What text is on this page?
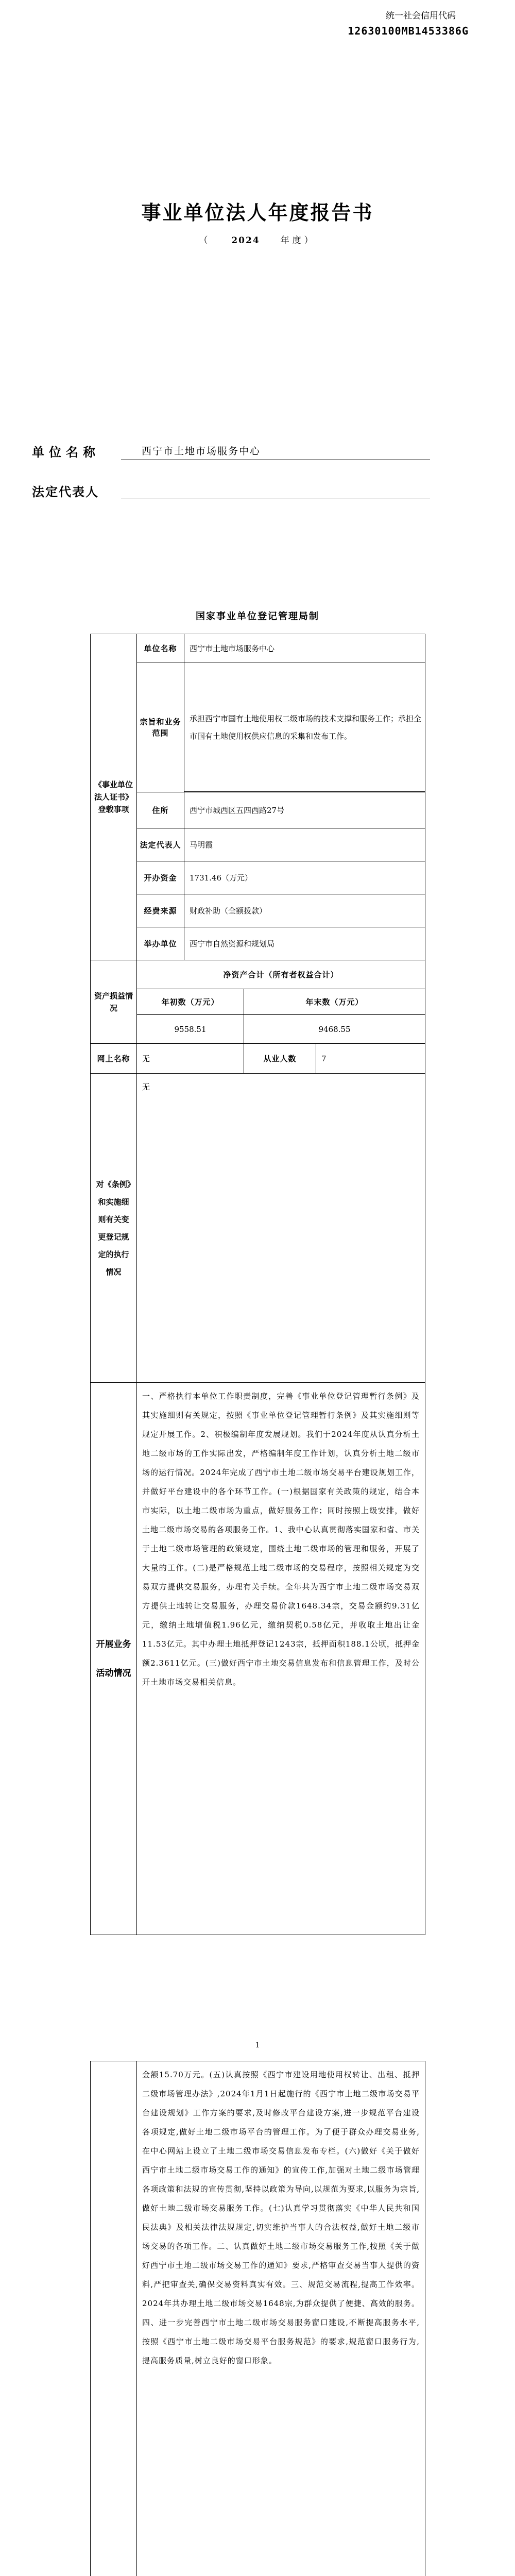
统一社会信用代码
12630100MB1453386G
事业单位法人年度报告书
（ 2024 年度）
单位名称	西宁市土地市场服务中心
法定代表人
国家事业单位登记管理局制
《事业单位法人证书》登载事项	单位名称	西宁市土地市场服务中心		
	宗旨和业务范围	承担西宁市国有土地使用权二级市场的技术支撑和服务工作；承担全市国有土地使用权供应信息的采集和发布工作。		

	住所	西宁市城西区五四西路27号		
	法定代表人	马明霞		
	开办资金	1731.46（万元）		
	经费来源	财政补助（全额拨款）		
	举办单位	西宁市自然资源和规划局		
资产损益情况	净资产合计（所有者权益合计）			
	年初数（万元）		年末数（万元）	
	9558.51		9468.55	
网上名称	无		从业人数	7
对《条例》和实施细则有关变更登记规定的执行情况	无			
开展业务活动情况	一、严格执行本单位工作职责制度，完善《事业单位登记管理暂行条例》及其实施细则有关规定，按照《事业单位登记管理暂行条例》及其实施细则等规定开展工作。2、积极编制年度发展规划。我们于2024年度从认真分析土地二级市场的工作实际出发，严格编制年度工作计划，认真分析土地二级市场的运行情况。2024年完成了西宁市土地二级市场交易平台建设规划工作，并做好平台建设中的各个环节工作。(一)根据国家有关政策的规定，结合本市实际，以土地二级市场为重点，做好服务工作；同时按照上级安排，做好土地二级市场交易的各项服务工作。1、我中心认真贯彻落实国家和省、市关于土地二级市场管理的政策规定，围绕土地二级市场的管理和服务，开展了大量的工作。(二)是严格规范土地二级市场的交易程序，按照相关规定为交易双方提供交易服务，办理有关手续。全年共为西宁市土地二级市场交易双方提供土地转让交易服务，办理交易价款1648.34宗，交易金额约9.31亿元，缴纳土地增值税1.96亿元，缴纳契税0.58亿元，并收取土地出让金11.53亿元。其中办理土地抵押登记1243宗，抵押面积188.1公顷，抵押金额2.3611亿元。(三)做好西宁市土地交易信息发布和信息管理工作，及时公开土地市场交易相关信息。			
1
	金额15.70万元。(五)认真按照《西宁市建设用地使用权转让、出租、抵押二级市场管理办法》,2024年1月1日起施行的《西宁市土地二级市场交易平台建设规划》工作方案的要求,及时修改平台建设方案,进一步规范平台建设各项规定,做好土地二级市场平台的管理工作。为了便于群众办理交易业务,在中心网站上设立了土地二级市场交易信息发布专栏。(六)做好《关于做好西宁市土地二级市场交易工作的通知》的宣传工作,加强对土地二级市场管理各项政策和法规的宣传贯彻,坚持以政策为导向,以规范为要求,以服务为宗旨,做好土地二级市场交易服务工作。(七)认真学习贯彻落实《中华人民共和国民法典》及相关法律法规规定,切实维护当事人的合法权益,做好土地二级市场交易的各项工作。二、认真做好土地二级市场交易服务工作,按照《关于做好西宁市土地二级市场交易工作的通知》要求,严格审查交易当事人提供的资料,严把审查关,确保交易资料真实有效。三、规范交易流程,提高工作效率。2024年共办理土地二级市场交易1648宗,为群众提供了便捷、高效的服务。四、进一步完善西宁市土地二级市场交易服务窗口建设,不断提高服务水平,按照《西宁市土地二级市场交易平台服务规范》的要求,规范窗口服务行为,提高服务质量,树立良好的窗口形象。
